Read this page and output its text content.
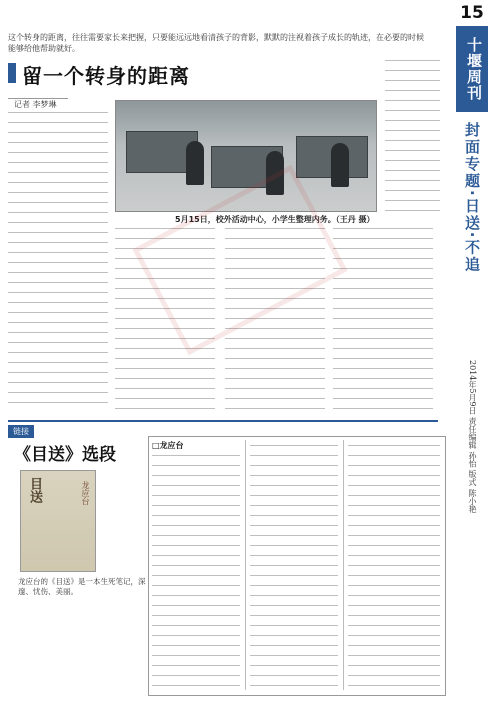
15
十堰周刊
封面专题·日送·不追
2014年5月9日 责任编辑 孙怡 版式 陈小艳
这个转身的距离，往往需要家长来把握，只要能远远地看清孩子的背影，默默的注视着孩子成长的轨迹，在必要的时候能够给他帮助就好。
留一个转身的距离
记者 李梦琳
5月15日，校外活动中心，小学生整理内务。（王丹 摄）
链接
《目送》选段
目送	龙应台
龙应台的《目送》是一本生死笔记，深邃、忧伤、美丽。
□龙应台
